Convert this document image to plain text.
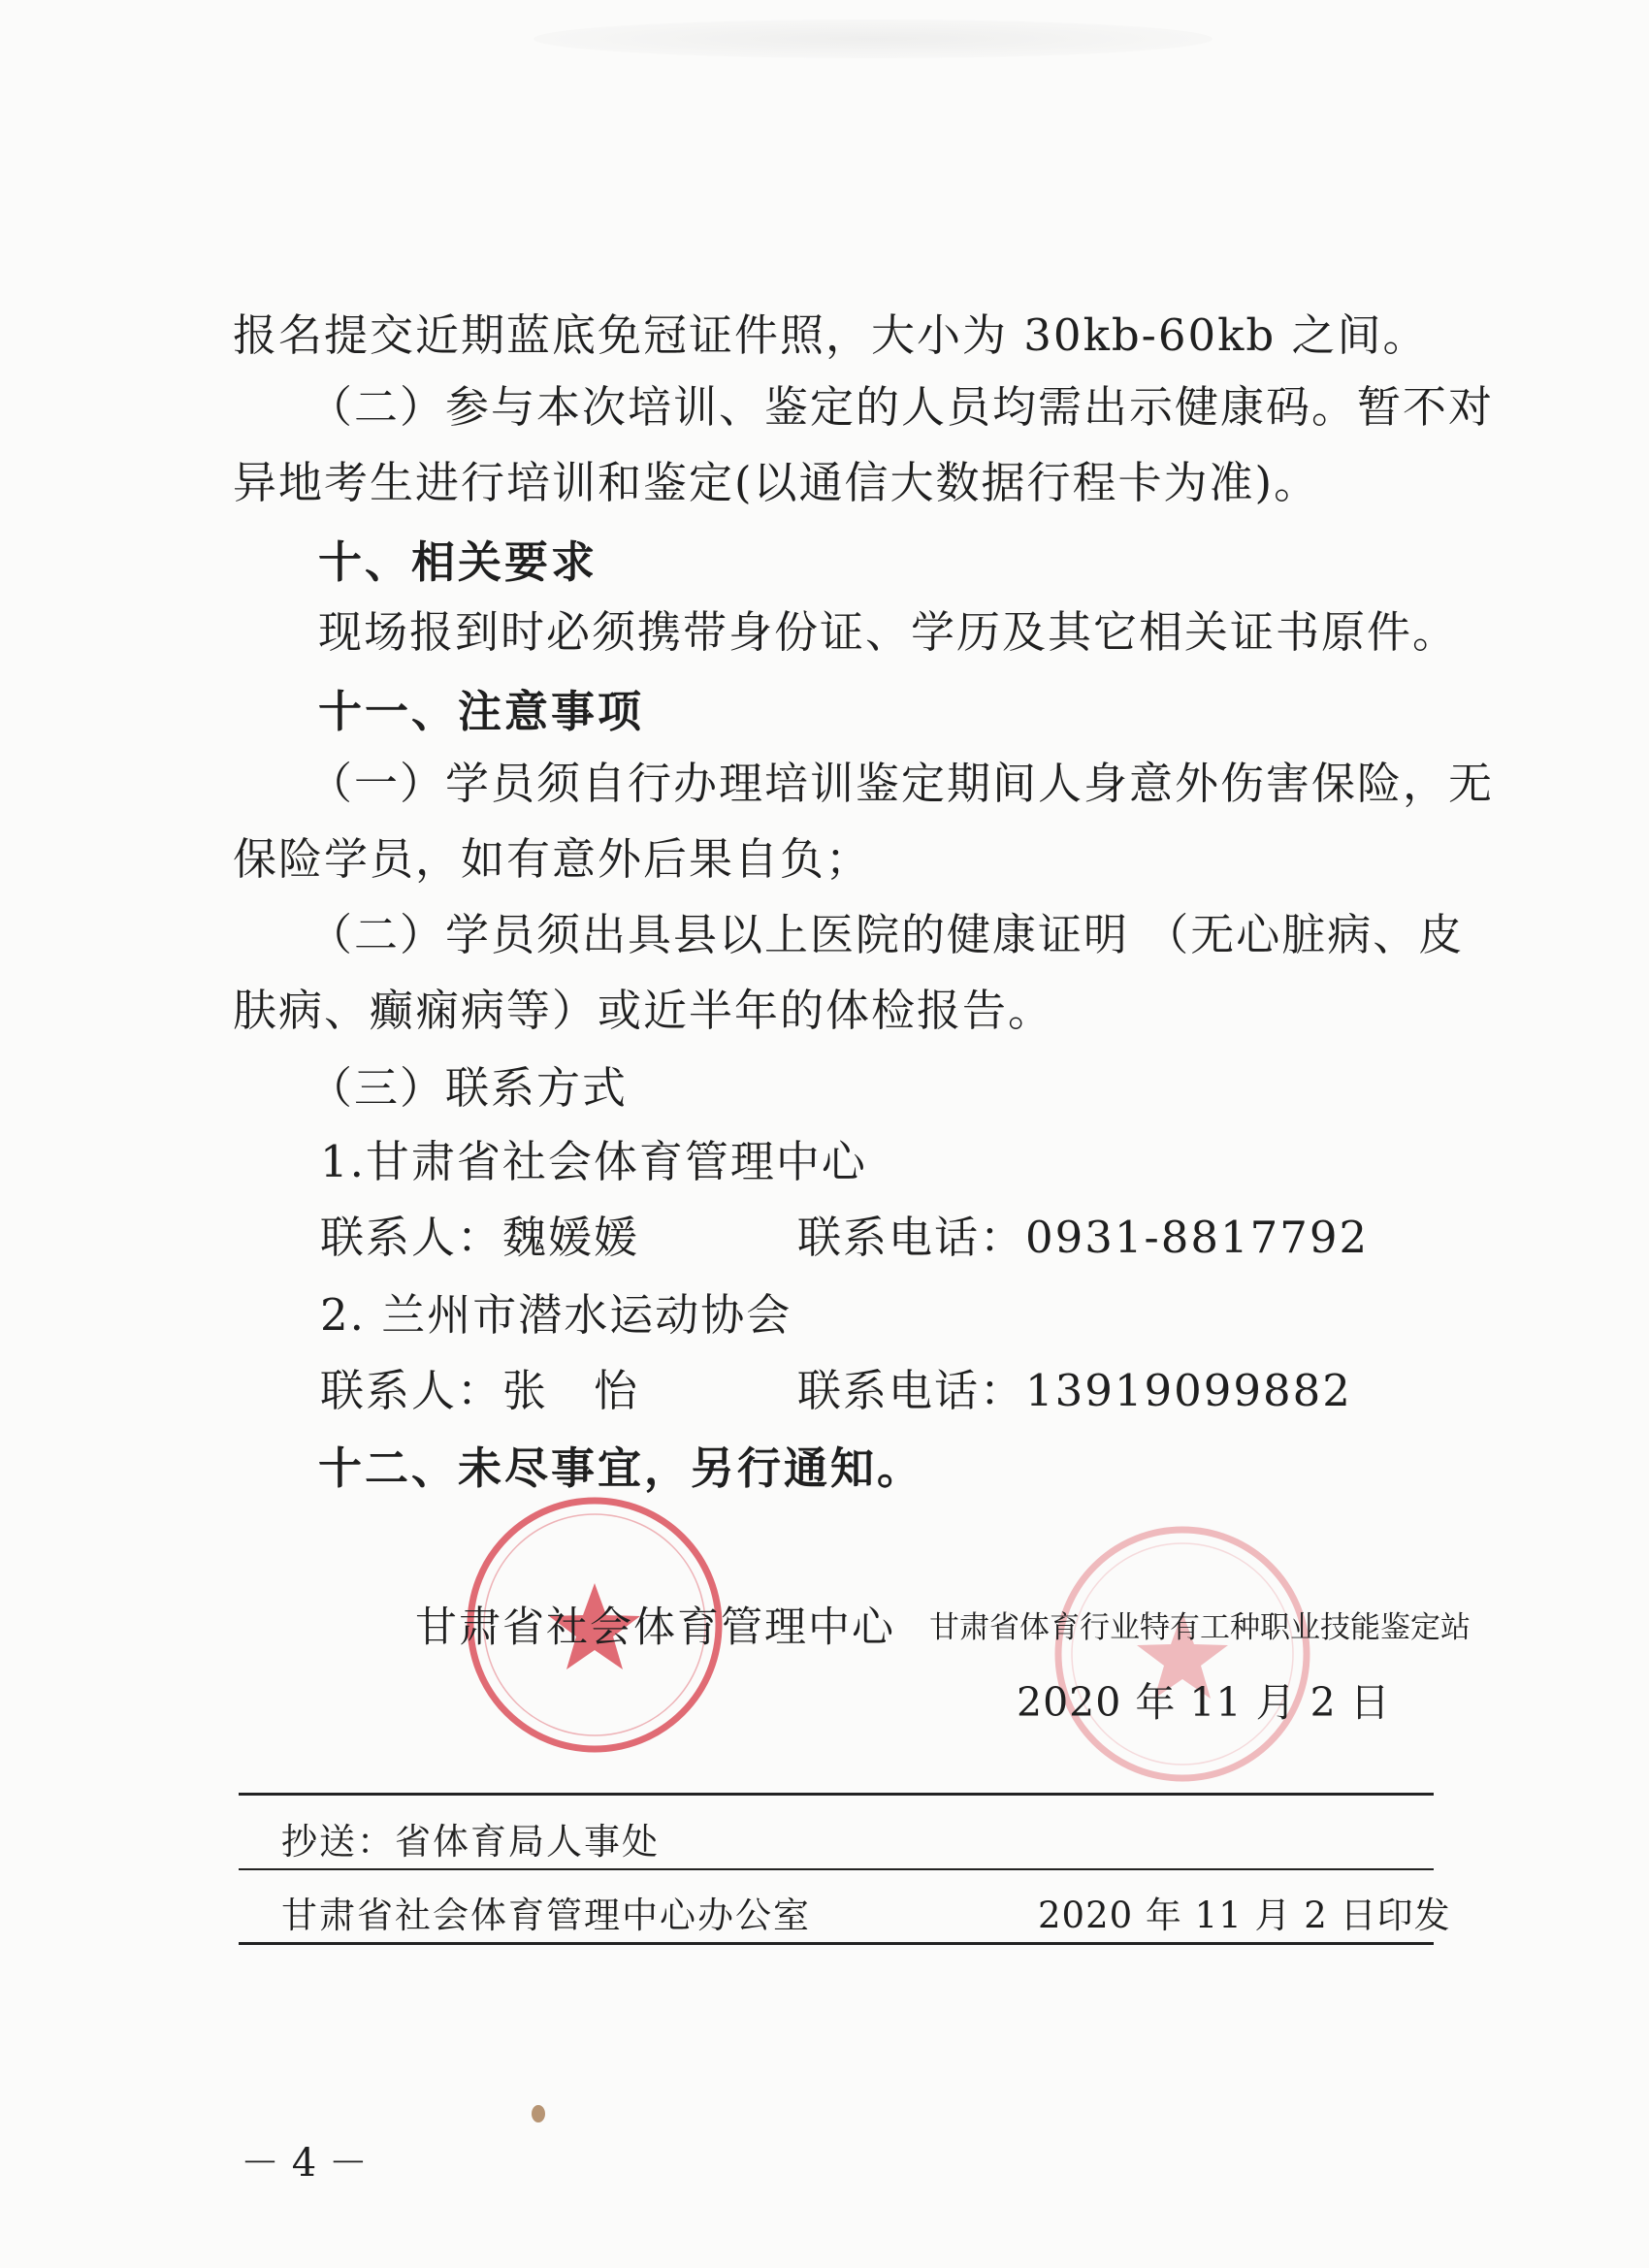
报名提交近期蓝底免冠证件照，大小为 30kb-60kb 之间。
（二）参与本次培训、鉴定的人员均需出示健康码。暂不对
异地考生进行培训和鉴定(以通信大数据行程卡为准)。
十、相关要求
现场报到时必须携带身份证、学历及其它相关证书原件。
十一、注意事项
（一）学员须自行办理培训鉴定期间人身意外伤害保险，无
保险学员，如有意外后果自负；
（二）学员须出具县以上医院的健康证明 （无心脏病、皮
肤病、癫痫病等）或近半年的体检报告。
（三）联系方式
1.甘肃省社会体育管理中心
联系人：魏媛媛	联系电话：0931-8817792
2. 兰州市潜水运动协会
联系人：张　怡	联系电话：13919099882
十二、未尽事宜，另行通知。
甘肃省社会体育管理中心 甘肃省体育行业特有工种职业技能鉴定站
2020 年 11 月 2 日
抄送：省体育局人事处
甘肃省社会体育管理中心办公室	2020 年 11 月 2 日印发
－ 4 －
